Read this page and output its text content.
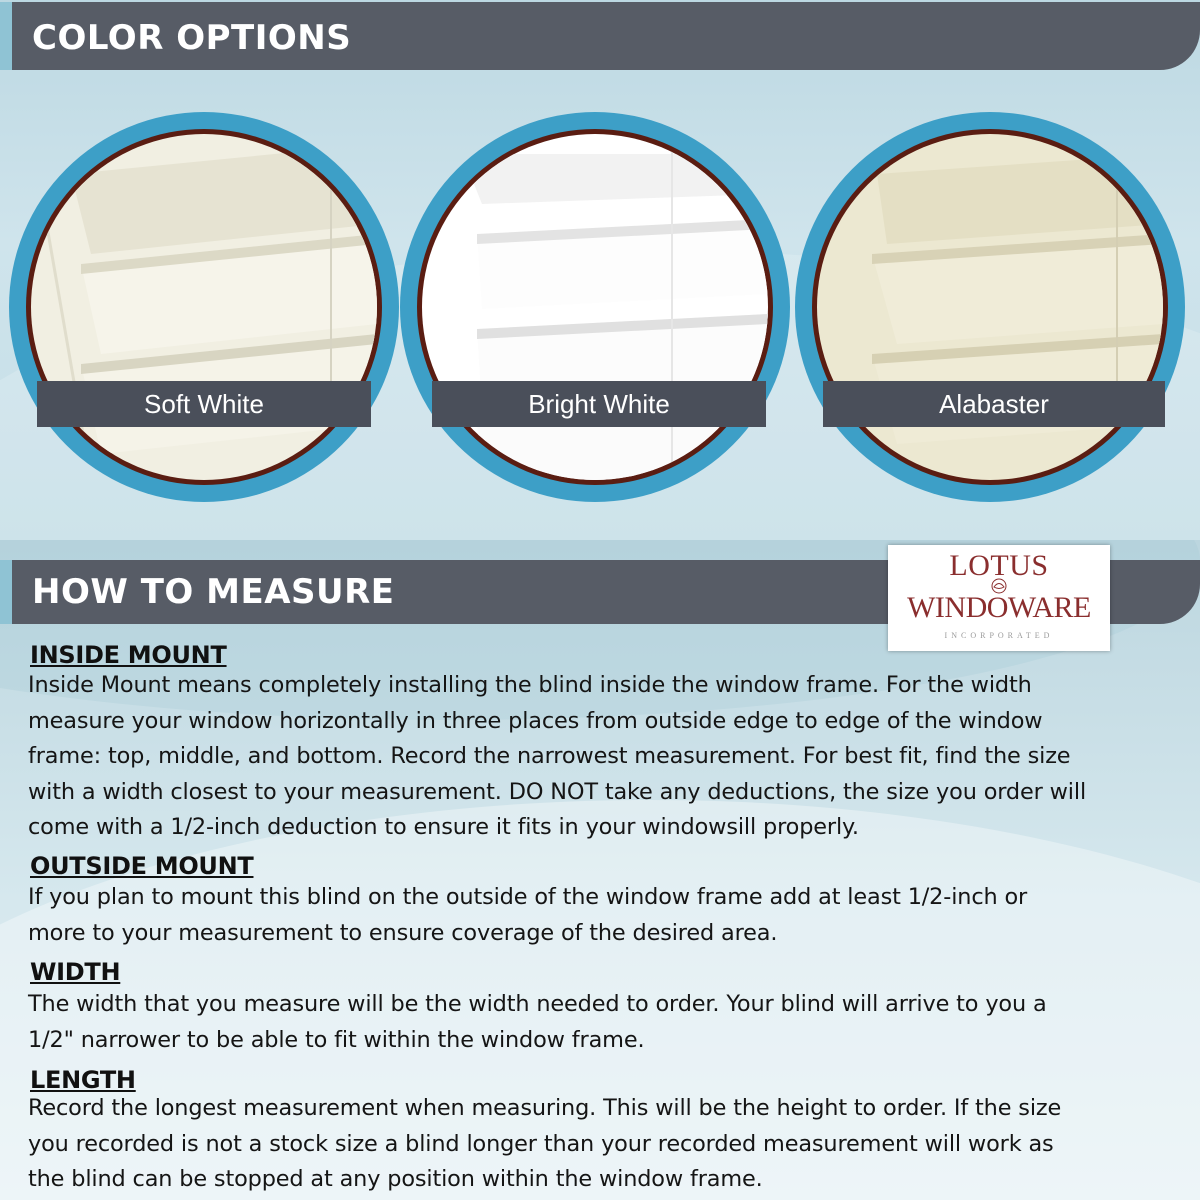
COLOR OPTIONS
Soft White	Bright White	Alabaster
HOW TO MEASURE
LOTUS
WINDOWARE
INCORPORATED
INSIDE MOUNT
Inside Mount means completely installing the blind inside the window frame. For the width
measure your window horizontally in three places from outside edge to edge of the window
frame: top, middle, and bottom. Record the narrowest measurement. For best fit, find the size
with a width closest to your measurement. DO NOT take any deductions, the size you order will
come with a 1/2-inch deduction to ensure it fits in your windowsill properly.
OUTSIDE MOUNT
If you plan to mount this blind on the outside of the window frame add at least 1/2-inch or
more to your measurement to ensure coverage of the desired area.
WIDTH
The width that you measure will be the width needed to order. Your blind will arrive to you a
1/2" narrower to be able to fit within the window frame.
LENGTH
Record the longest measurement when measuring. This will be the height to order. If the size
you recorded is not a stock size a blind longer than your recorded measurement will work as
the blind can be stopped at any position within the window frame.
